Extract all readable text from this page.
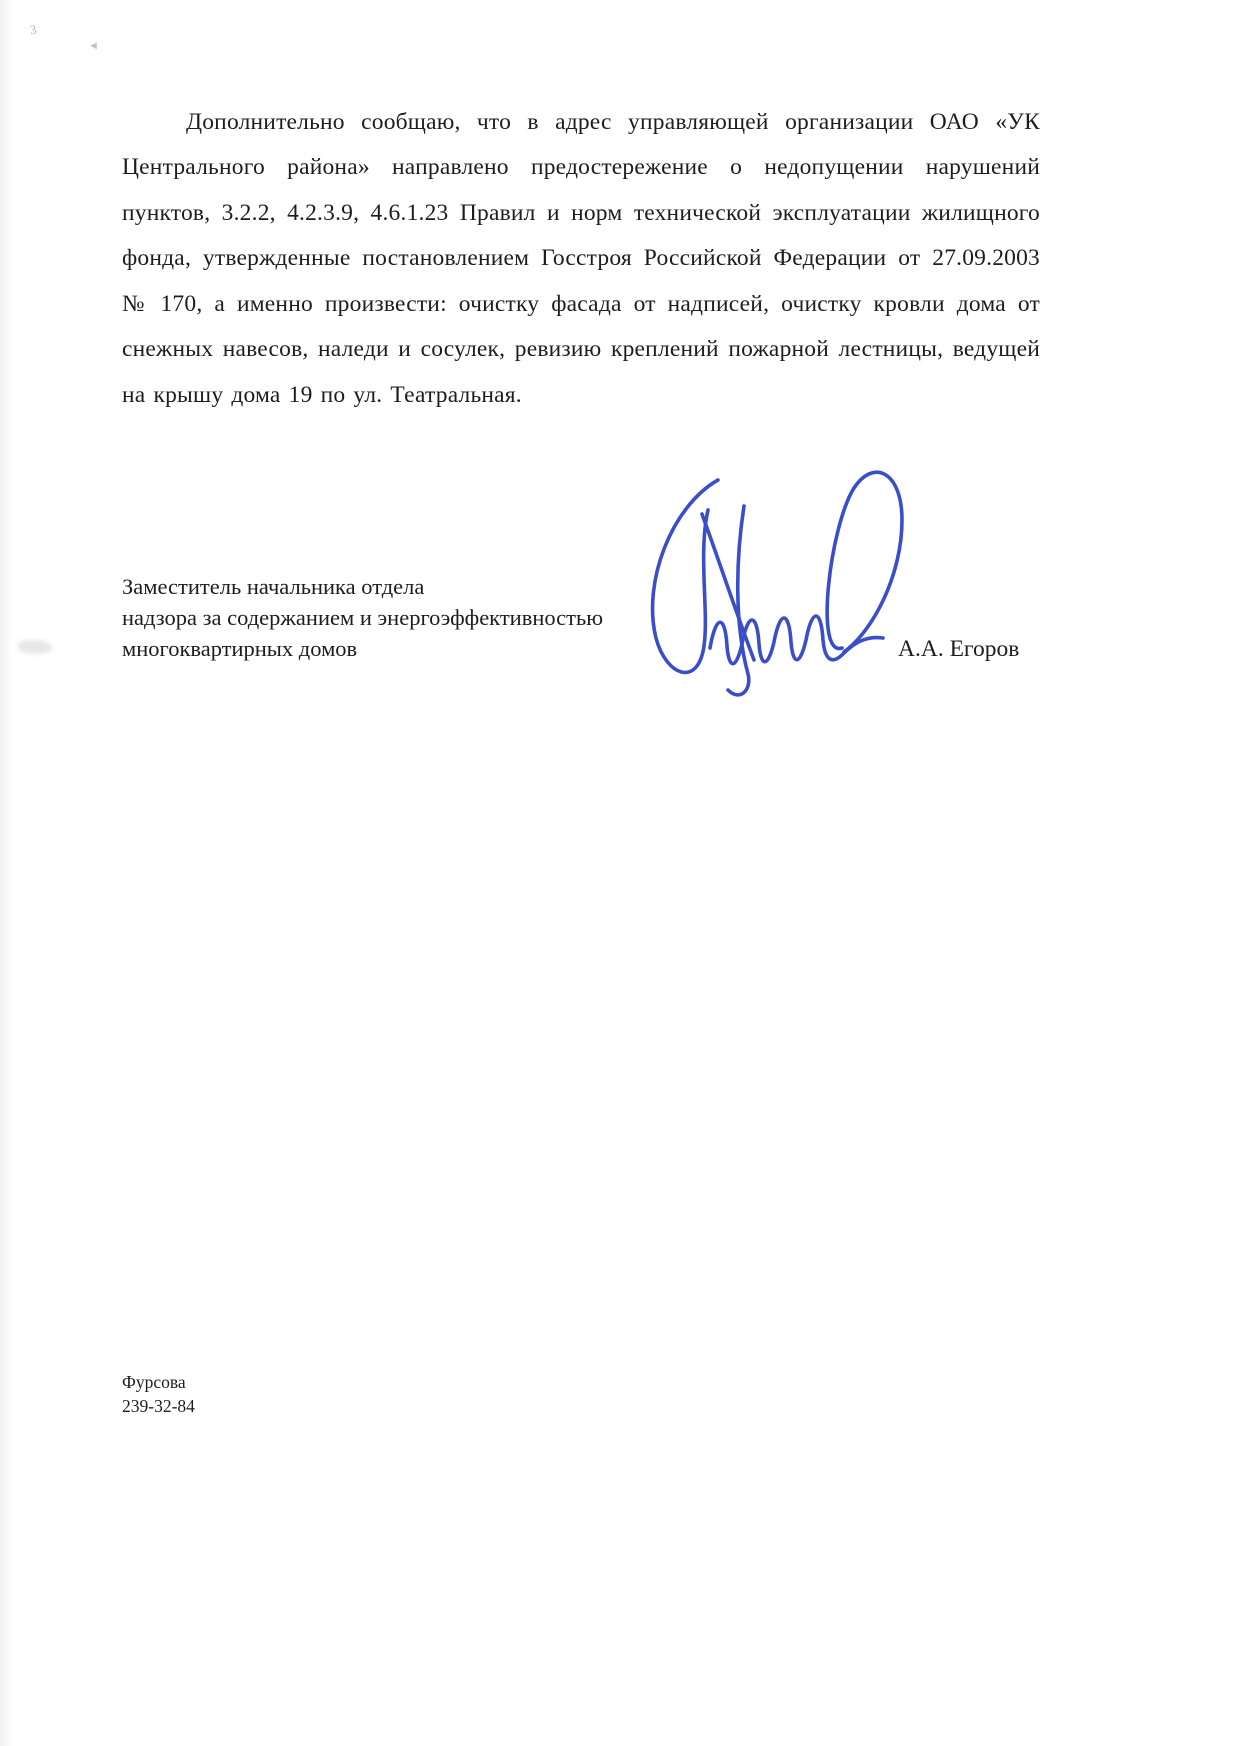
3
◄

Дополнительно сообщаю, что в адрес управляющей организации ОАО «УК Центрального района» направлено предостережение о недопущении нарушений пунктов, 3.2.2, 4.2.3.9, 4.6.1.23 Правил и норм технической эксплуатации жилищного фонда, утвержденные постановлением Госстроя Российской Федерации от 27.09.2003 № 170, а именно произвести: очистку фасада от надписей, очистку кровли дома от снежных навесов, наледи и сосулек, ревизию креплений пожарной лестницы, ведущей на крышу дома 19 по ул. Театральная.

Заместитель начальника отдела
надзора за содержанием и энергоэффективностью
многоквартирных домов	А.А. Егоров
Фурсова
239-32-84
